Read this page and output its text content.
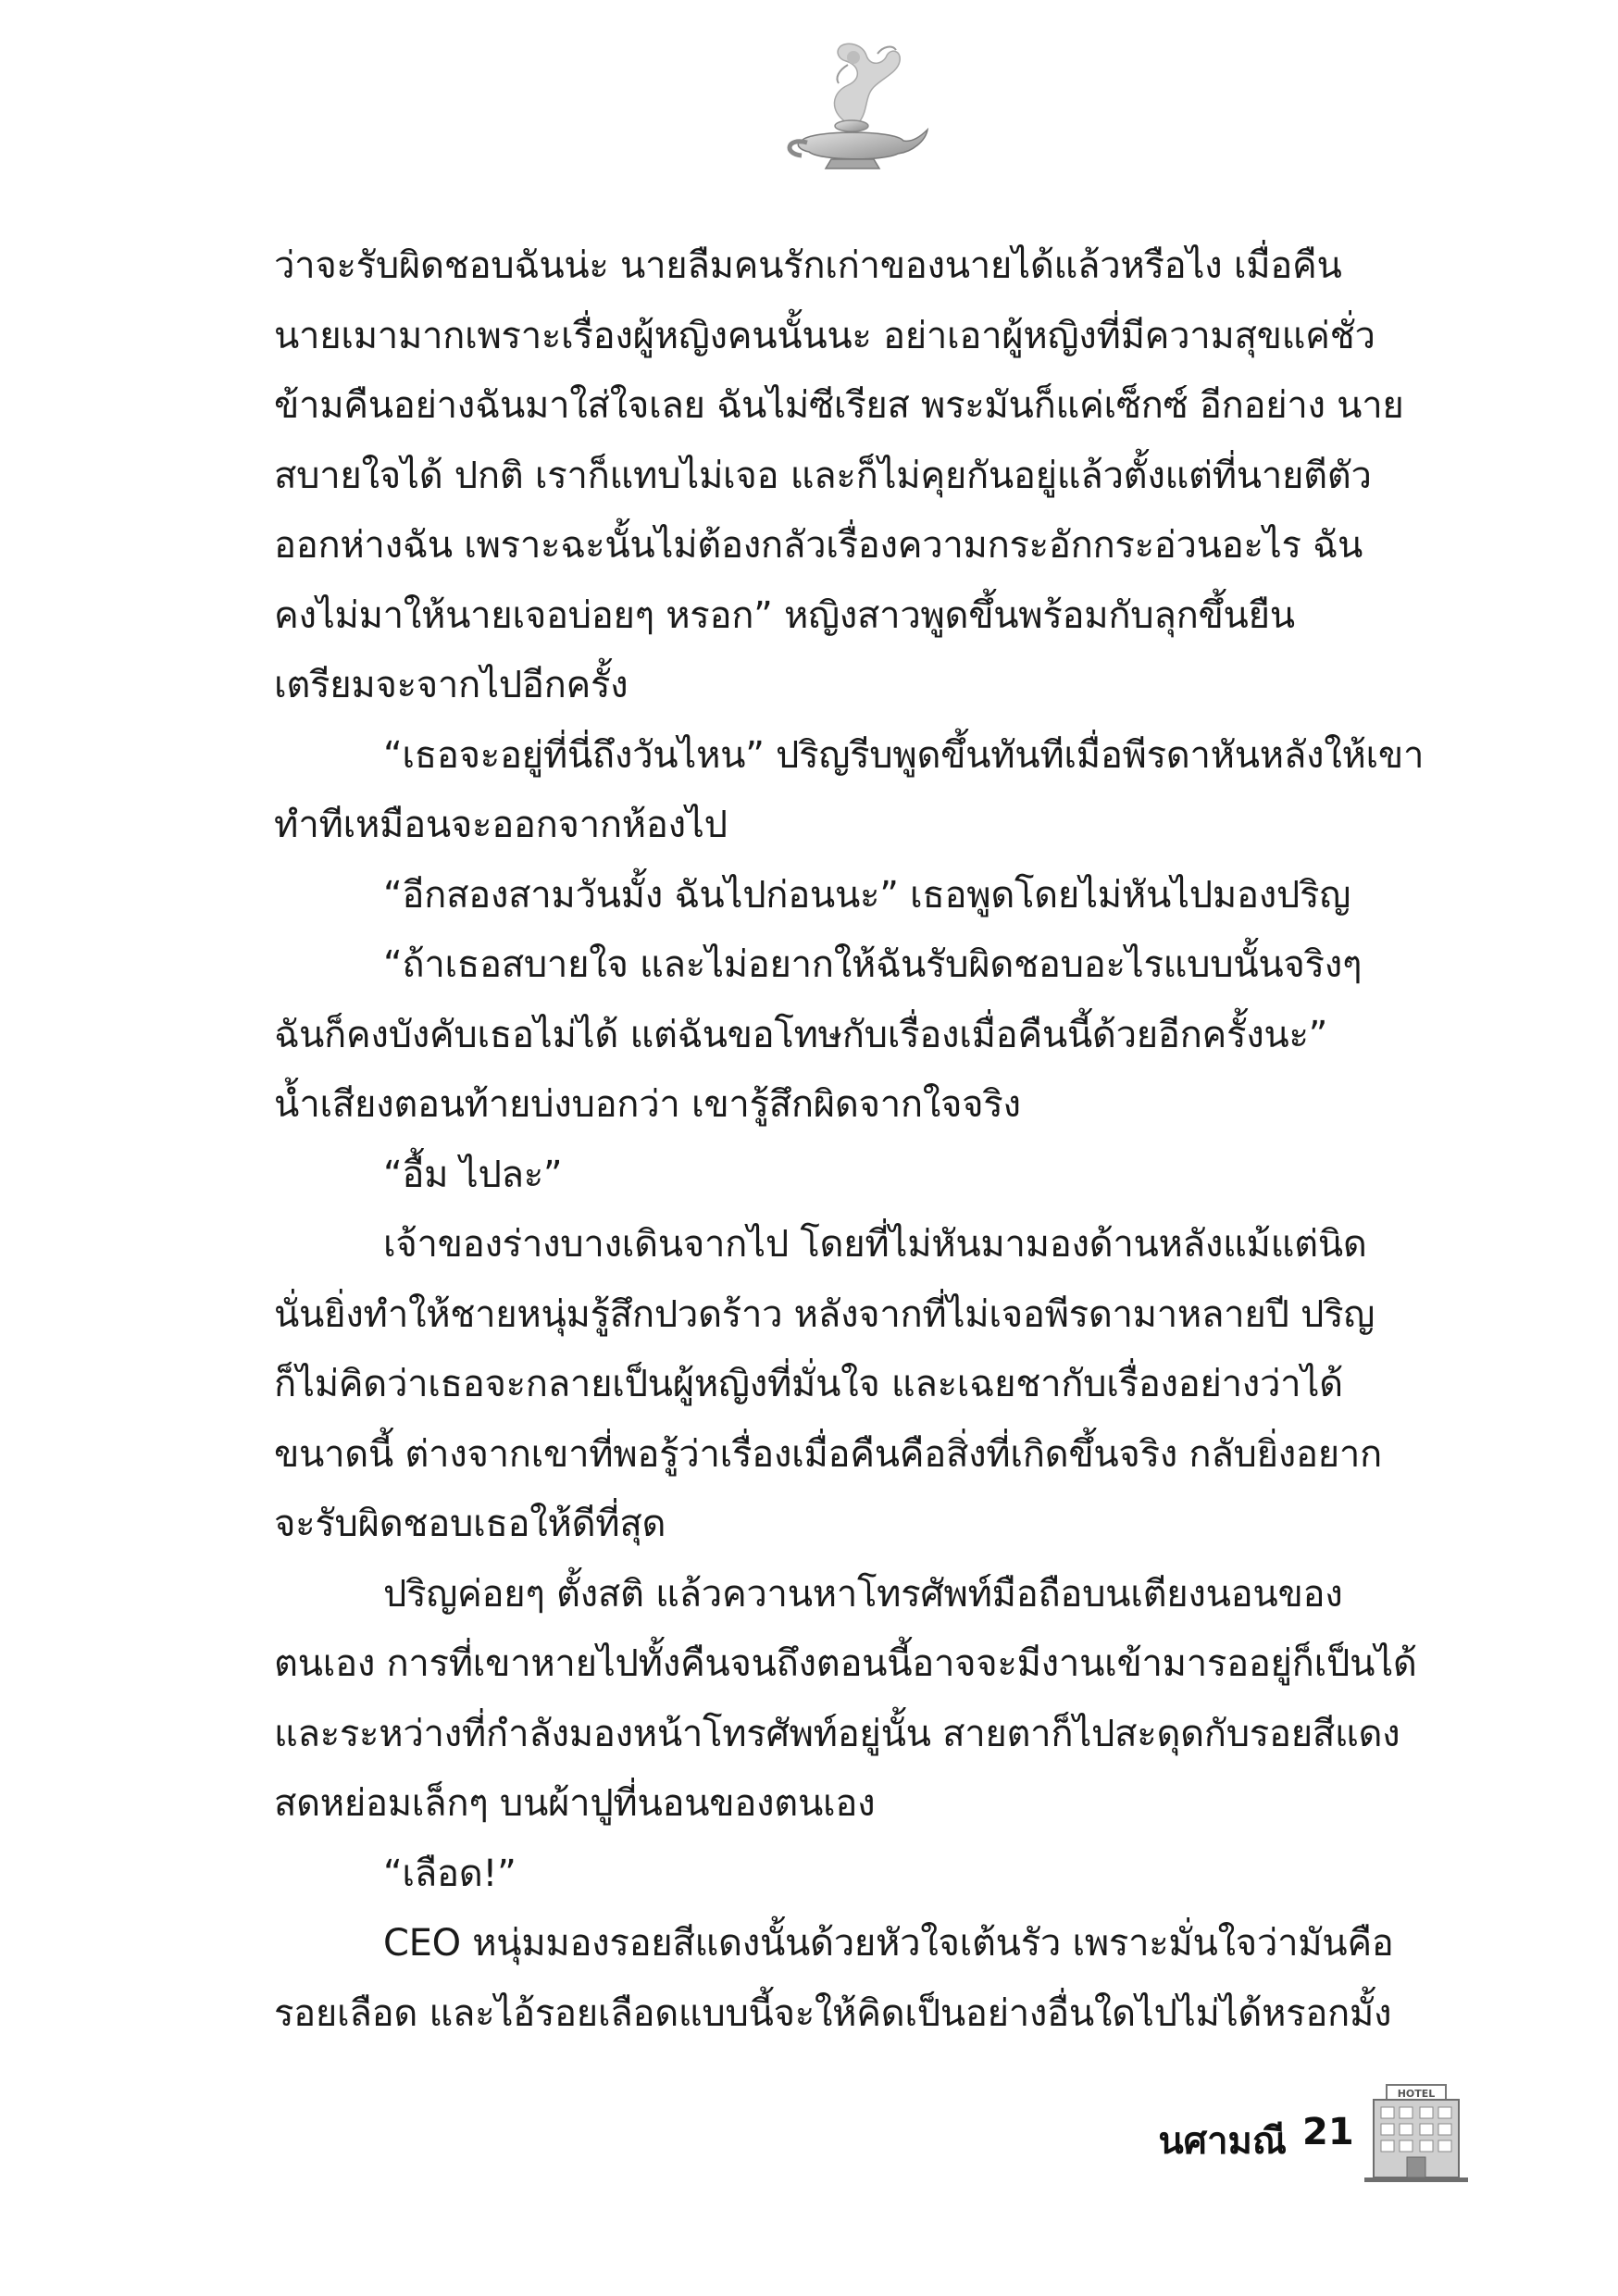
ว่าจะรับผิดชอบฉันน่ะ นายลืมคนรักเก่าของนายได้แล้วหรือไง เมื่อคืน
นายเมามากเพราะเรื่องผู้หญิงคนนั้นนะ อย่าเอาผู้หญิงที่มีความสุขแค่ชั่ว
ข้ามคืนอย่างฉันมาใส่ใจเลย ฉันไม่ซีเรียส พระมันก็แค่เซ็กซ์ อีกอย่าง นาย
สบายใจได้ ปกติ เราก็แทบไม่เจอ และก็ไม่คุยกันอยู่แล้วตั้งแต่ที่นายตีตัว
ออกห่างฉัน เพราะฉะนั้นไม่ต้องกลัวเรื่องความกระอักกระอ่วนอะไร ฉัน
คงไม่มาให้นายเจอบ่อยๆ หรอก” หญิงสาวพูดขึ้นพร้อมกับลุกขึ้นยืน
เตรียมจะจากไปอีกครั้ง

“เธอจะอยู่ที่นี่ถึงวันไหน” ปริญรีบพูดขึ้นทันทีเมื่อพีรดาหันหลังให้เขา
ทำทีเหมือนจะออกจากห้องไป

“อีกสองสามวันมั้ง ฉันไปก่อนนะ” เธอพูดโดยไม่หันไปมองปริญ

“ถ้าเธอสบายใจ และไม่อยากให้ฉันรับผิดชอบอะไรแบบนั้นจริงๆ
ฉันก็คงบังคับเธอไม่ได้ แต่ฉันขอโทษกับเรื่องเมื่อคืนนี้ด้วยอีกครั้งนะ”
น้ำเสียงตอนท้ายบ่งบอกว่า เขารู้สึกผิดจากใจจริง

“อื้ม ไปละ”

เจ้าของร่างบางเดินจากไป โดยที่ไม่หันมามองด้านหลังแม้แต่นิด
นั่นยิ่งทำให้ชายหนุ่มรู้สึกปวดร้าว หลังจากที่ไม่เจอพีรดามาหลายปี ปริญ
ก็ไม่คิดว่าเธอจะกลายเป็นผู้หญิงที่มั่นใจ และเฉยชากับเรื่องอย่างว่าได้
ขนาดนี้ ต่างจากเขาที่พอรู้ว่าเรื่องเมื่อคืนคือสิ่งที่เกิดขึ้นจริง กลับยิ่งอยาก
จะรับผิดชอบเธอให้ดีที่สุด

ปริญค่อยๆ ตั้งสติ แล้วควานหาโทรศัพท์มือถือบนเตียงนอนของ
ตนเอง การที่เขาหายไปทั้งคืนจนถึงตอนนี้อาจจะมีงานเข้ามารออยู่ก็เป็นได้
และระหว่างที่กำลังมองหน้าโทรศัพท์อยู่นั้น สายตาก็ไปสะดุดกับรอยสีแดง
สดหย่อมเล็กๆ บนผ้าปูที่นอนของตนเอง

“เลือด!”

CEO หนุ่มมองรอยสีแดงนั้นด้วยหัวใจเต้นรัว เพราะมั่นใจว่ามันคือ
รอยเลือด และไอ้รอยเลือดแบบนี้จะให้คิดเป็นอย่างอื่นใดไปไม่ได้หรอกมั้ง

นศามณี 21
HOTEL
